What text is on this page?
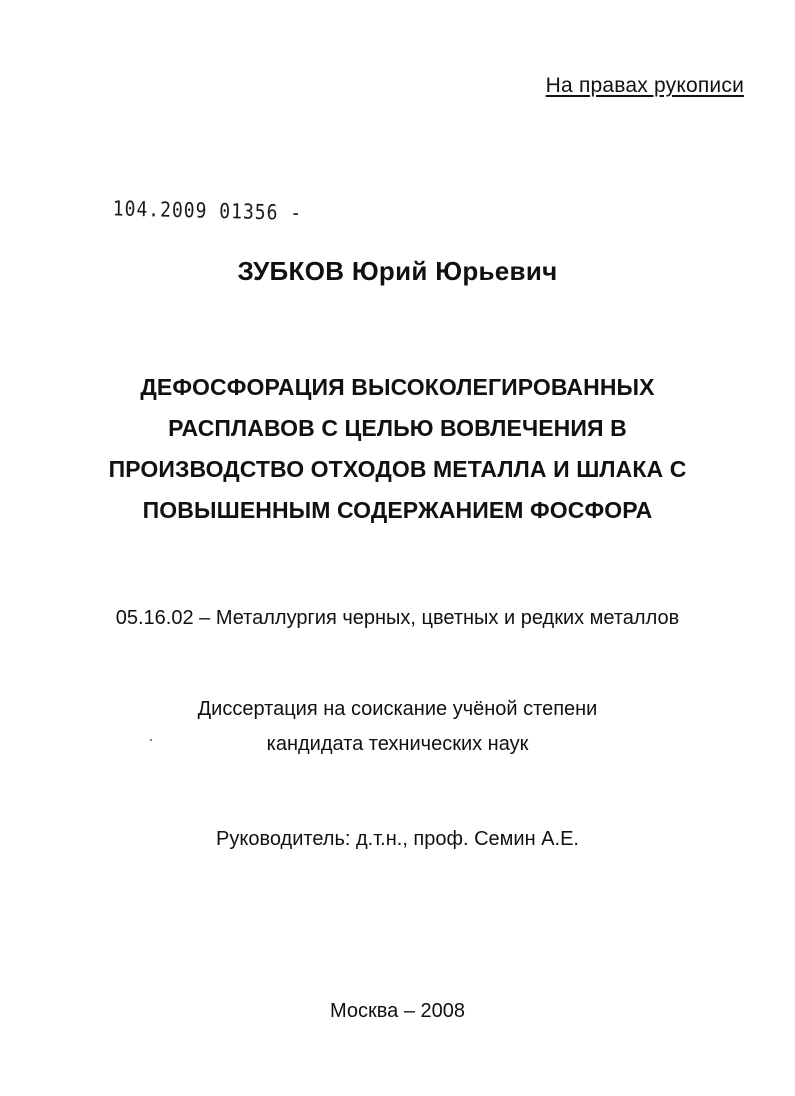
На правах рукописи
104.2009 01356 -
ЗУБКОВ Юрий Юрьевич
ДЕФОСФОРАЦИЯ ВЫСОКОЛЕГИРОВАННЫХ
РАСПЛАВОВ С ЦЕЛЬЮ ВОВЛЕЧЕНИЯ В
ПРОИЗВОДСТВО ОТХОДОВ МЕТАЛЛА И ШЛАКА С
ПОВЫШЕННЫМ СОДЕРЖАНИЕМ ФОСФОРА
05.16.02 – Металлургия черных, цветных и редких металлов
Диссертация на соискание учёной степени
кандидата технических наук
Руководитель: д.т.н., проф. Семин А.Е.
Москва – 2008
